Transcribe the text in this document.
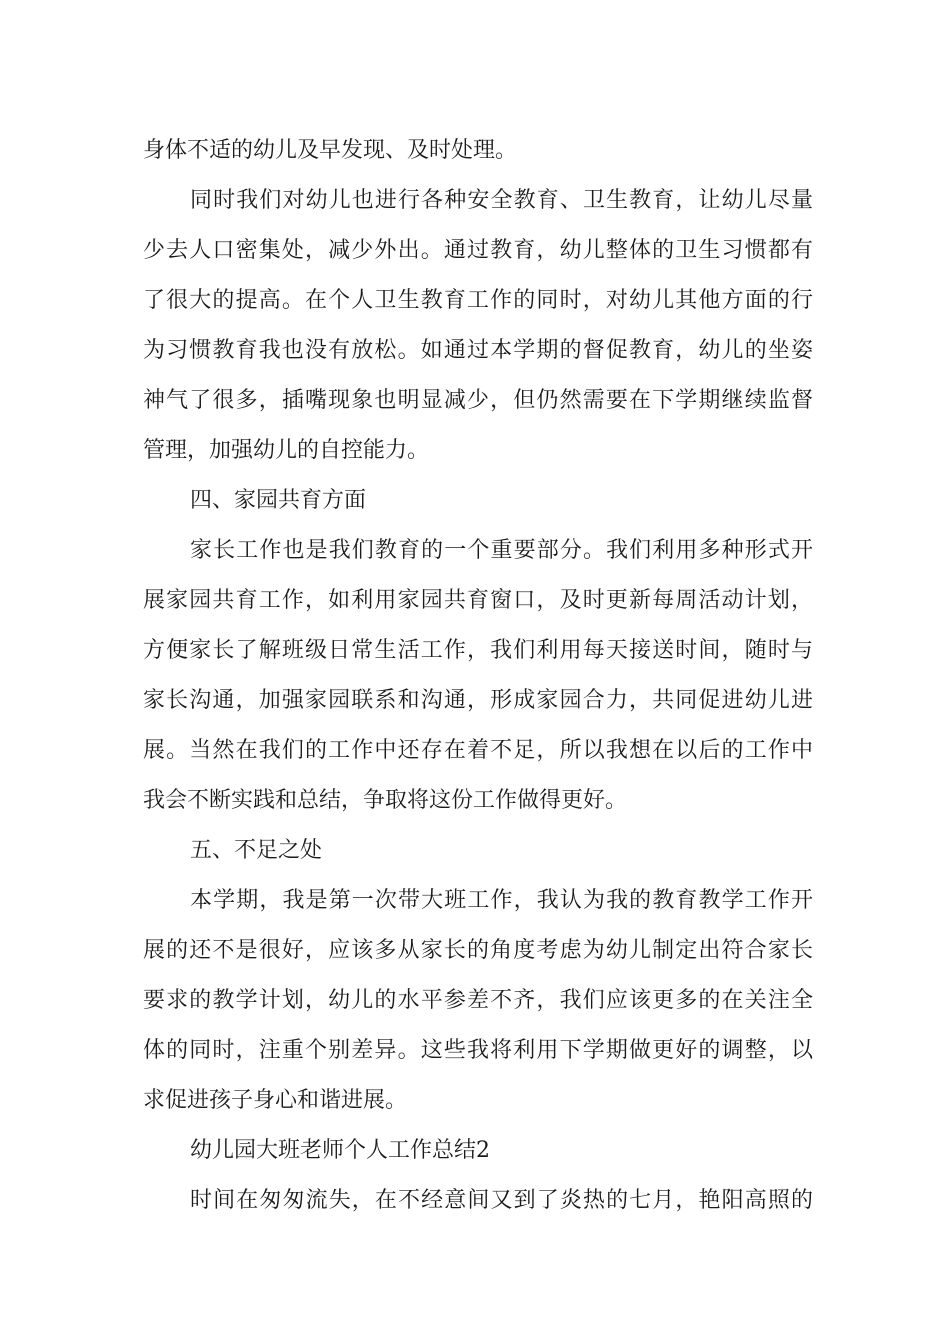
身体不适的幼儿及早发现、及时处理。
同时我们对幼儿也进行各种安全教育、卫生教育，让幼儿尽量
少去人口密集处，减少外出。通过教育，幼儿整体的卫生习惯都有
了很大的提高。在个人卫生教育工作的同时，对幼儿其他方面的行
为习惯教育我也没有放松。如通过本学期的督促教育，幼儿的坐姿
神气了很多，插嘴现象也明显减少，但仍然需要在下学期继续监督
管理，加强幼儿的自控能力。
四、家园共育方面
家长工作也是我们教育的一个重要部分。我们利用多种形式开
展家园共育工作，如利用家园共育窗口，及时更新每周活动计划，
方便家长了解班级日常生活工作，我们利用每天接送时间，随时与
家长沟通，加强家园联系和沟通，形成家园合力，共同促进幼儿进
展。当然在我们的工作中还存在着不足，所以我想在以后的工作中
我会不断实践和总结，争取将这份工作做得更好。
五、不足之处
本学期，我是第一次带大班工作，我认为我的教育教学工作开
展的还不是很好，应该多从家长的角度考虑为幼儿制定出符合家长
要求的教学计划，幼儿的水平参差不齐，我们应该更多的在关注全
体的同时，注重个别差异。这些我将利用下学期做更好的调整，以
求促进孩子身心和谐进展。
幼儿园大班老师个人工作总结2
时间在匆匆流失，在不经意间又到了炎热的七月，艳阳高照的
